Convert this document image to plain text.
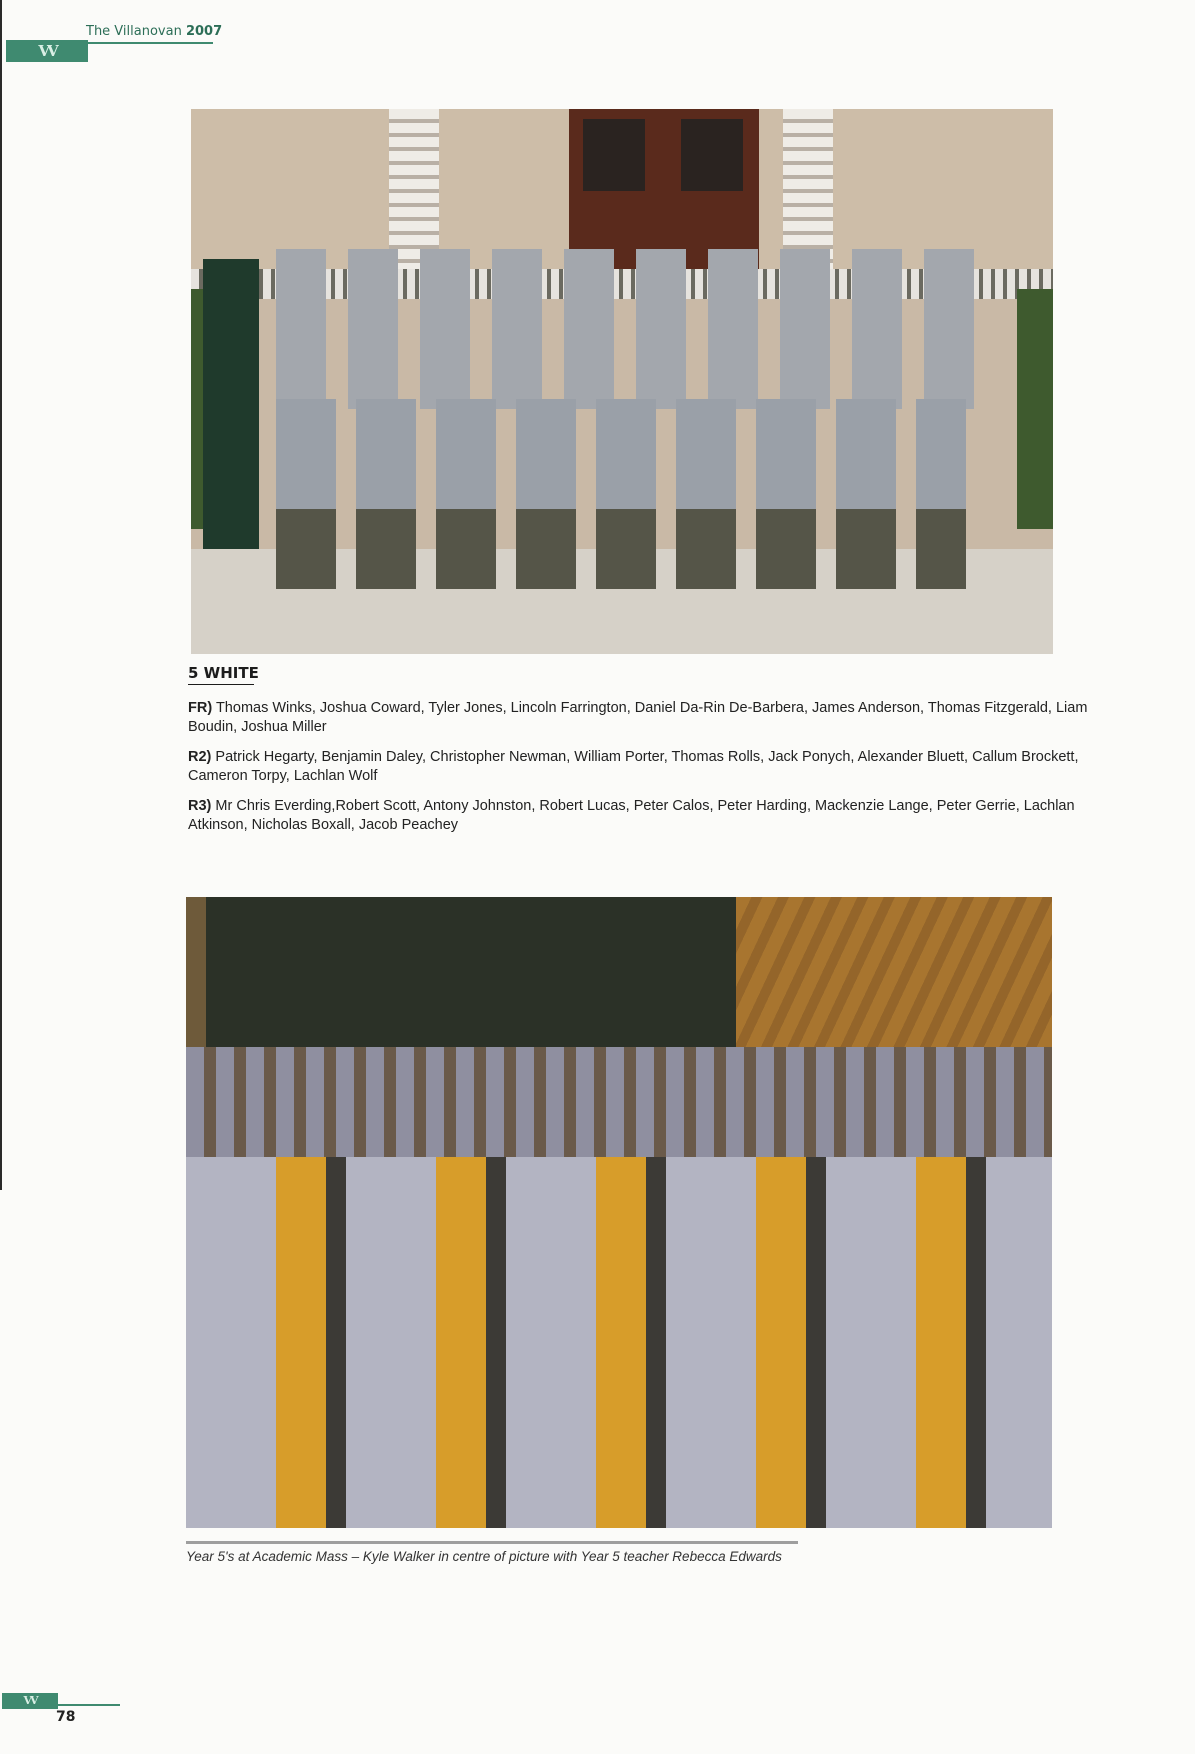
VV
The Villanovan 2007
5 WHITE
FR) Thomas Winks, Joshua Coward, Tyler Jones, Lincoln Farrington, Daniel Da-Rin De-Barbera, James Anderson, Thomas Fitzgerald, Liam Boudin, Joshua Miller
R2) Patrick Hegarty, Benjamin Daley, Christopher Newman, William Porter, Thomas Rolls, Jack Ponych, Alexander Bluett, Callum Brockett, Cameron Torpy, Lachlan Wolf
R3) Mr Chris Everding,Robert Scott, Antony Johnston, Robert Lucas, Peter Calos, Peter Harding, Mackenzie Lange, Peter Gerrie, Lachlan Atkinson, Nicholas Boxall, Jacob Peachey
Year 5's at Academic Mass – Kyle Walker in centre of picture with Year 5 teacher Rebecca Edwards
VV
78
